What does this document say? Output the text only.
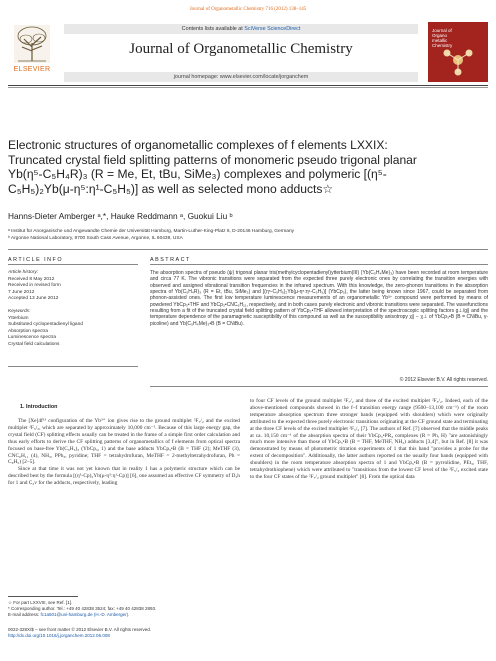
Journal of Organometallic Chemistry 716 (2012) 138–145
ELSEVIER
Contents lists available at SciVerse ScienceDirect
Journal of Organometallic Chemistry
journal homepage: www.elsevier.com/locate/jorganchem
Journal of
Organo
metallic
Chemistry
Electronic structures of organometallic complexes of f elements LXXIX: Truncated crystal field splitting patterns of monomeric pseudo trigonal planar Yb(η⁵-C₅H₄R)₃ (R = Me, Et, tBu, SiMe₃) complexes and polymeric [(η⁵-C₅H₅)₂Yb(μ-η⁵:η¹-C₅H₅)] as well as selected mono adducts☆
Hanns-Dieter Amberger ᵃ,*, Hauke Reddmann ᵃ, Guokui Liu ᵇ
ᵃ Institut für Anorganische und Angewandte Chemie der Universität Hamburg, Martin-Luther-King-Platz 6, D-20146 Hamburg, Germany
ᵇ Argonne National Laboratory, 9700 South Cass Avenue, Argonne, IL 60439, USA
ARTICLE INFO
Article history:
Received 8 May 2012
Received in revised form
7 June 2012
Accepted 13 June 2012
Keywords:
Ytterbium
Substituted cyclopentadienyl ligand
Absorption spectra
Luminescence spectra
Crystal field calculations
ABSTRACT
The absorption spectra of pseudo (ψ) trigonal planar tris(methylcyclopentadienyl)ytterbium(III) (Yb(C₅H₄Me)₃) have been recorded at room temperature and circa 77 K. The vibronic transitions were separated from the expected three purely electronic ones by correlating the transition energies with observed and assigned vibrational transition frequencies in the infrared spectrum. With this knowledge, the zero-phonon transitions in the absorption spectra of Yb(C₅H₄R)₃ (R = Et, tBu, SiMe₃) and [(η⁵-C₅H₅)₂Yb(μ-η⁵:η¹-C₅H₅)] (YbCp₃), the latter being known since 1967, could be separated from phonon-assisted ones. The first low temperature luminescence measurements of an organometallic Yb³⁺ compound were performed by means of powdered YbCp₃•THF and YbCp₃•CNC₆H₁₁, respectively, and in both cases purely electronic and vibronic transitions were separated. The wavefunctions resulting from a fit of the truncated crystal field splitting pattern of YbCp₃•THF allowed interpretation of the spectroscopic splitting factors g⊥/g∥ and the temperature dependence of the paramagnetic susceptibility of this compound as well as the susceptibility anisotropy χ∥ − χ⊥ of YbCp₃•B (B = CNiBu, γ-picoline) and Yb(C₅H₄Me)₃•B (B = CNiBu).
© 2012 Elsevier B.V. All rights reserved.
1. Introduction

The [Xe]4f¹³ configuration of the Yb³⁺ ion gives rise to the ground multiplet ²F₇/₂ and the excited multiplet ²F₅/₂, which are separated by approximately 10,000 cm⁻¹. Because of this large energy gap, the crystal field (CF) splitting effects usually can be treated in the frame of a simple first order calculation and thus early efforts to derive the CF splitting patterns of organometallics of f elements from optical spectra focused on base-free Yb(C₅H₅)₃ (YbCp₃, 1) and the base adducts YbCp₃•B (B = THF (2); MeTHF (3), CNC₆H₁₁ (4), NH₃, PPh₃, pyridine; THF = tetrahydrofuran, MeTHF = 2-methyltetrahydrofuran, Ph = C₆H₅) [2–5].

Since at that time it was not yet known that in reality 1 has a polymeric structure which can be described best by the formula [(η⁵-Cp)₂Yb(μ-η⁵:η¹-Cp)] [6], one assumed an effective CF symmetry of D₃h for 1 and C₃v for the adducts, respectively, leading

to four CF levels of the ground multiplet ²F₇/₂ and three of the excited multiplet ²F₅/₂. Indeed, each of the above-mentioned compounds showed in the f–f transition energy range (9500–13,100 cm⁻¹) of the room temperature absorption spectrum three stronger bands (equipped with shoulders) which were originally attributed to the expected three purely electronic transitions originating at the CF ground state and terminating at the three CF levels of the excited multiplet ²F₅/₂ [7]. The authors of Ref. [7] observed that the middle peaks at ca. 10,150 cm⁻¹ of the absorption spectra of their YbCp₃•PR₃ complexes (R = Ph, H) "are astonishingly much more intensive than those of YbCp₃•B (B = THF, MeTHF, NH₃) adducts [3,4]", but in Ref. [8] it was demonstrated by means of photometric titration experiments of 1 that this band "provides a probe for the extent of decomposition". Additionally, the latter authors reported on the usually four bands (equipped with shoulders) in the room temperature absorption spectra of 1 and YbCp₃•B (B = pyrrolidine, PEt₃, THF, tetrahydrothiophene) which were attributed to "transitions from the lowest CF level of the ²F₅/₂ excited state to the four CF states of the ²F₇/₂ ground multiplet" [8]. From the optical data

☆ For part LXXVIII, see Ref. [1].
* Corresponding author. Tel.: +49 40 42838 3524; fax: +49 40 42838 2893.
E-mail address: fc1a501@uni-hamburg.de (H.-D. Amberger).
0022-328X/$ – see front matter © 2012 Elsevier B.V. All rights reserved.
http://dx.doi.org/10.1016/j.jorganchem.2012.06.008
